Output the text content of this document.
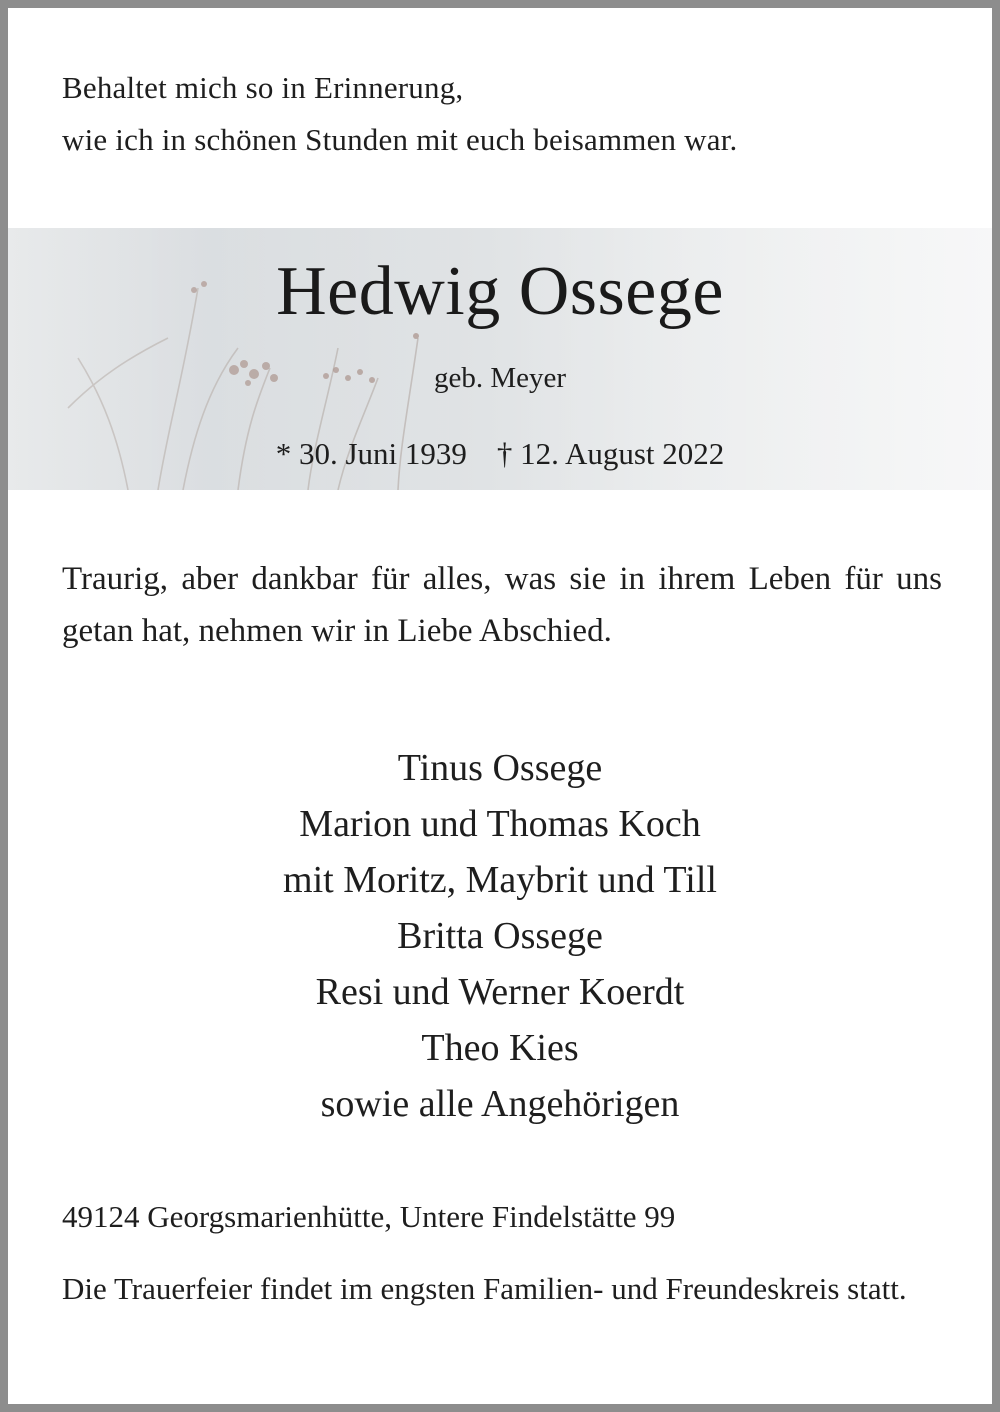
Behaltet mich so in Erinnerung,
wie ich in schönen Stunden mit euch beisammen war.
Hedwig Ossege
geb. Meyer
* 30. Juni 1939 † 12. August 2022
Traurig, aber dankbar für alles, was sie in ihrem Leben für uns getan hat, nehmen wir in Liebe Abschied.
Tinus Ossege
Marion und Thomas Koch
mit Moritz, Maybrit und Till
Britta Ossege
Resi und Werner Koerdt
Theo Kies
sowie alle Angehörigen
49124 Georgsmarienhütte, Untere Findelstätte 99
Die Trauerfeier findet im engsten Familien- und Freundeskreis statt.
